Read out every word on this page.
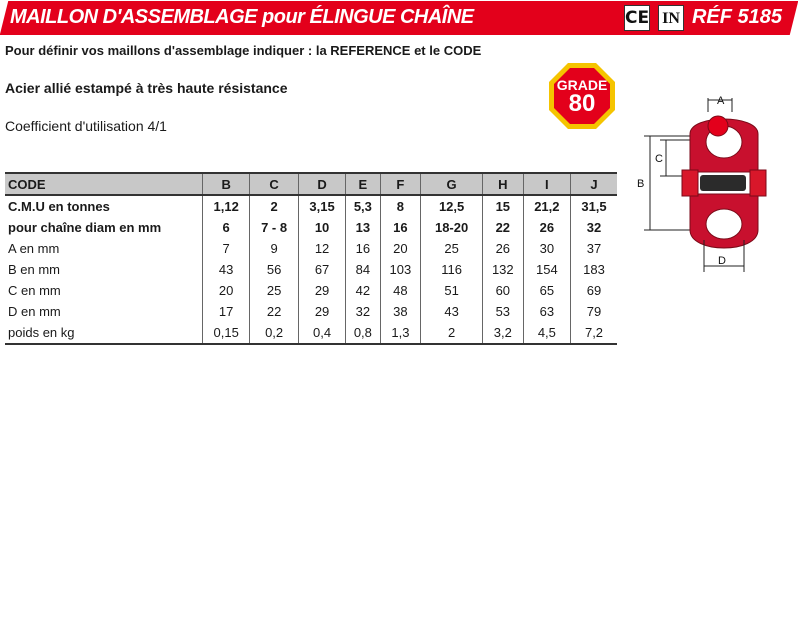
MAILLON D'ASSEMBLAGE pour ÉLINGUE CHAÎNE	CE IN RÉF 5185
Pour définir vos maillons d'assemblage indiquer : la REFERENCE et le CODE
Acier allié estampé à très haute résistance
Coefficient d'utilisation 4/1
GRADE
80
CODE	B	C	D	E	F	G	H	I	J
C.M.U en tonnes	1,12	2	3,15	5,3	8	12,5	15	21,2	31,5
pour chaîne diam en mm	6	7 - 8	10	13	16	18-20	22	26	32
A en mm	7	9	12	16	20	25	26	30	37
B en mm	43	56	67	84	103	116	132	154	183
C en mm	20	25	29	42	48	51	60	65	69
D en mm	17	22	29	32	38	43	53	63	79
poids en kg	0,15	0,2	0,4	0,8	1,3	2	3,2	4,5	7,2
A
B
C
D
